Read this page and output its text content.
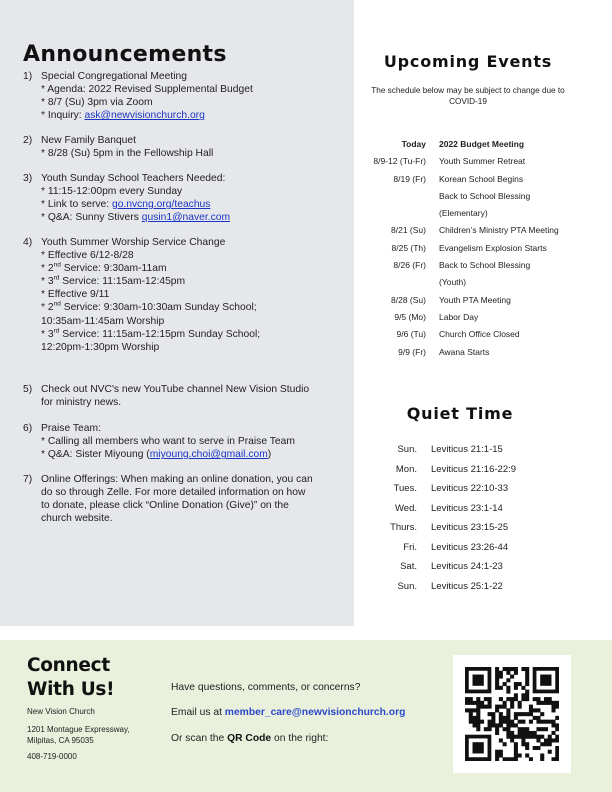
Announcements
1) Special Congregational Meeting
* Agenda: 2022 Revised Supplemental Budget
* 8/7 (Su) 3pm via Zoom
* Inquiry: ask@newvisionchurch.org
2) New Family Banquet
* 8/28 (Su) 5pm in the Fellowship Hall
3) Youth Sunday School Teachers Needed:
* 11:15-12:00pm every Sunday
* Link to serve: go.nvcng.org/teachus
* Q&A: Sunny Stivers qusin1@naver.com
4) Youth Summer Worship Service Change
* Effective 6/12-8/28
* 2nd Service: 9:30am-11am
* 3rd Service: 11:15am-12:45pm
* Effective 9/11
* 2nd Service: 9:30am-10:30am Sunday School;
10:35am-11:45am Worship
* 3rd Service: 11:15am-12:15pm Sunday School;
12:20pm-1:30pm Worship
5) Check out NVC's new YouTube channel New Vision Studio
for ministry news.
6) Praise Team:
* Calling all members who want to serve in Praise Team
* Q&A: Sister Miyoung (miyoung.choi@gmail.com)
7) Online Offerings: When making an online donation, you can
do so through Zelle. For more detailed information on how
to donate, please click “Online Donation (Give)” on the
church website.
Upcoming Events
The schedule below may be subject to change due to COVID-19
Today	2022 Budget Meeting
8/9-12 (Tu-Fr)	Youth Summer Retreat
8/19 (Fr)	Korean School Begins
Back to School Blessing
(Elementary)
8/21 (Su)	Children’s Ministry PTA Meeting
8/25 (Th)	Evangelism Explosion Starts
8/26 (Fr)	Back to School Blessing
(Youth)
8/28 (Su)	Youth PTA Meeting
9/5 (Mo)	Labor Day
9/6 (Tu)	Church Office Closed
9/9 (Fr)	Awana Starts
Quiet Time
Sun.	Leviticus 21:1-15
Mon.	Leviticus 21:16-22:9
Tues.	Leviticus 22:10-33
Wed.	Leviticus 23:1-14
Thurs.	Leviticus 23:15-25
Fri.	Leviticus 23:26-44
Sat.	Leviticus 24:1-23
Sun.	Leviticus 25:1-22
Connect
With Us!
New Vision Church
1201 Montague Expressway,
Milpitas, CA 95035
408-719-0000
Have questions, comments, or concerns?
Email us at member_care@newvisionchurch.org
Or scan the QR Code on the right:
